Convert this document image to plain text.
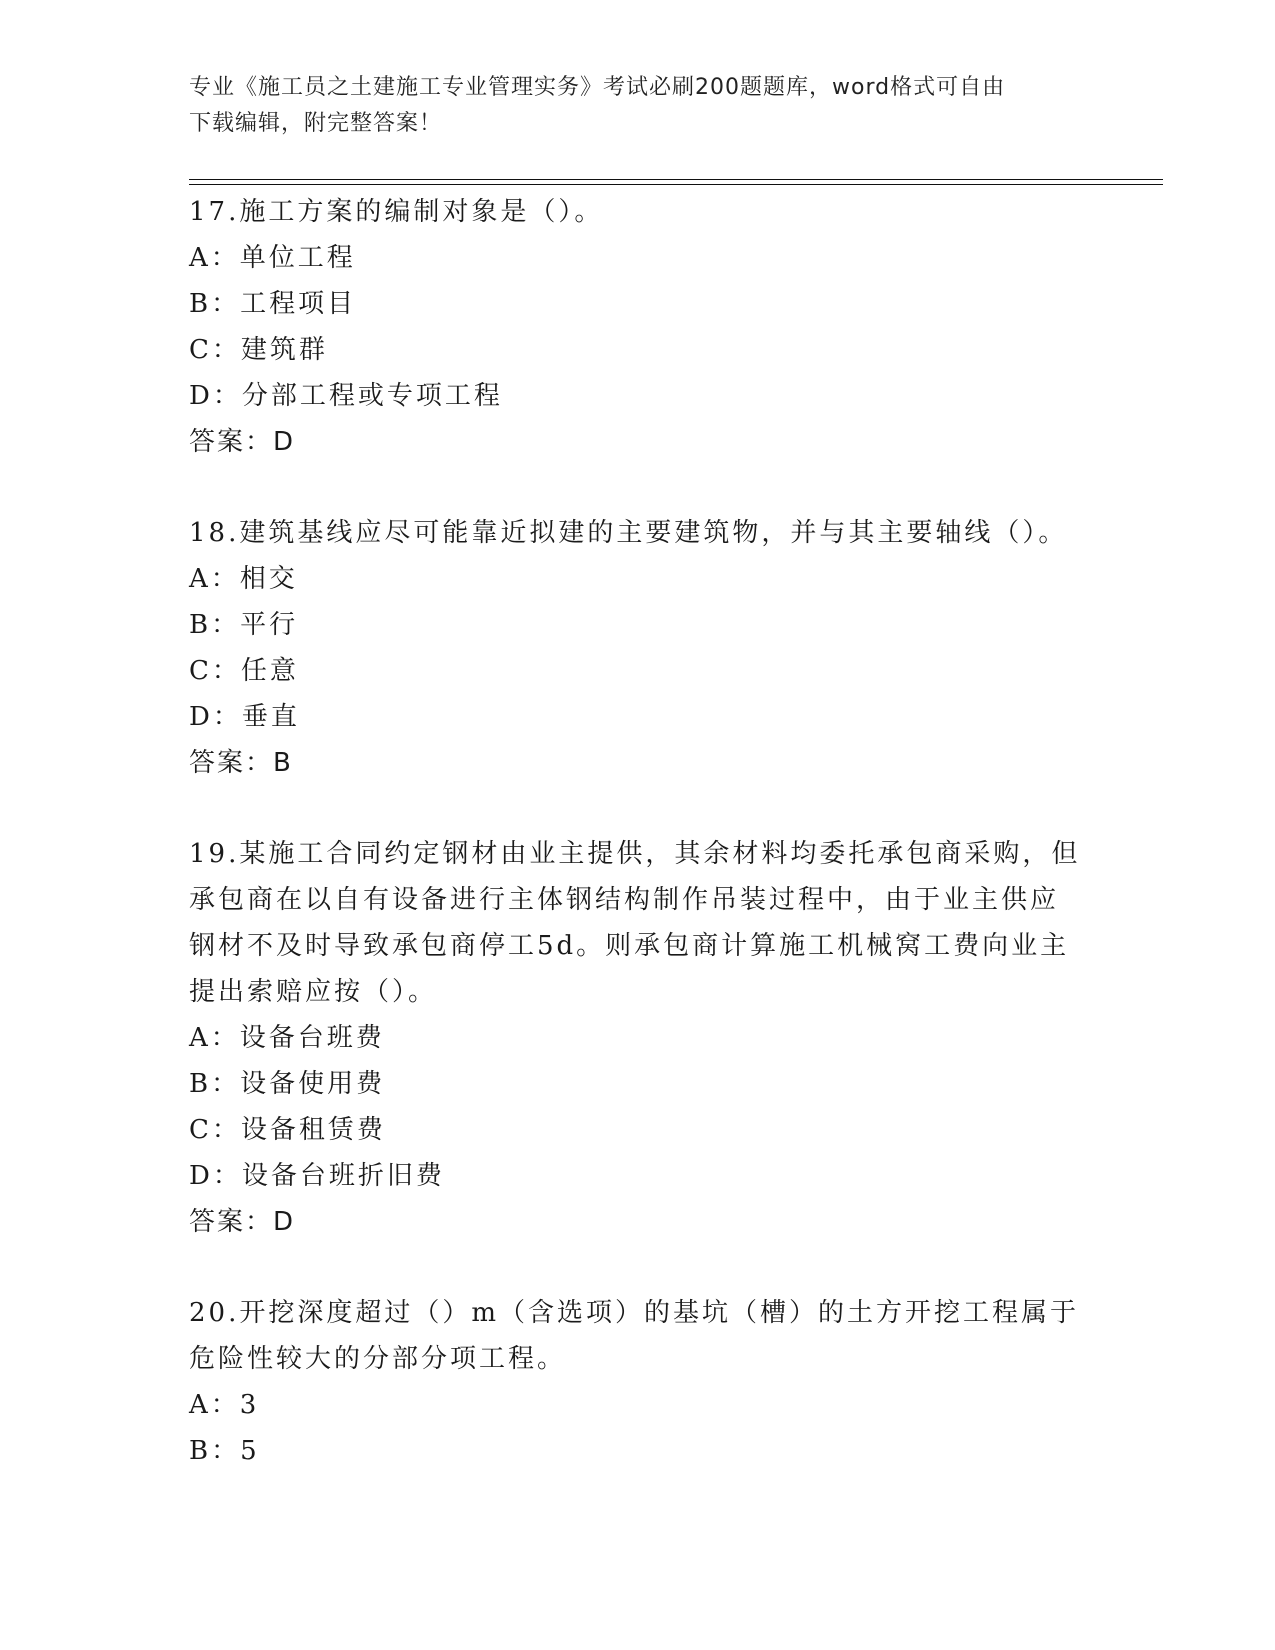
专业《施工员之土建施工专业管理实务》考试必刷200题题库，word格式可自由
下载编辑，附完整答案！
17.施工方案的编制对象是（）。
A：单位工程
B：工程项目
C：建筑群
D：分部工程或专项工程
答案：D
18.建筑基线应尽可能靠近拟建的主要建筑物，并与其主要轴线（）。
A：相交
B：平行
C：任意
D：垂直
答案：B
19.某施工合同约定钢材由业主提供，其余材料均委托承包商采购，但
承包商在以自有设备进行主体钢结构制作吊装过程中，由于业主供应
钢材不及时导致承包商停工5d。则承包商计算施工机械窝工费向业主
提出索赔应按（）。
A：设备台班费
B：设备使用费
C：设备租赁费
D：设备台班折旧费
答案：D
20.开挖深度超过（）m（含选项）的基坑（槽）的土方开挖工程属于
危险性较大的分部分项工程。
A：3
B：5
